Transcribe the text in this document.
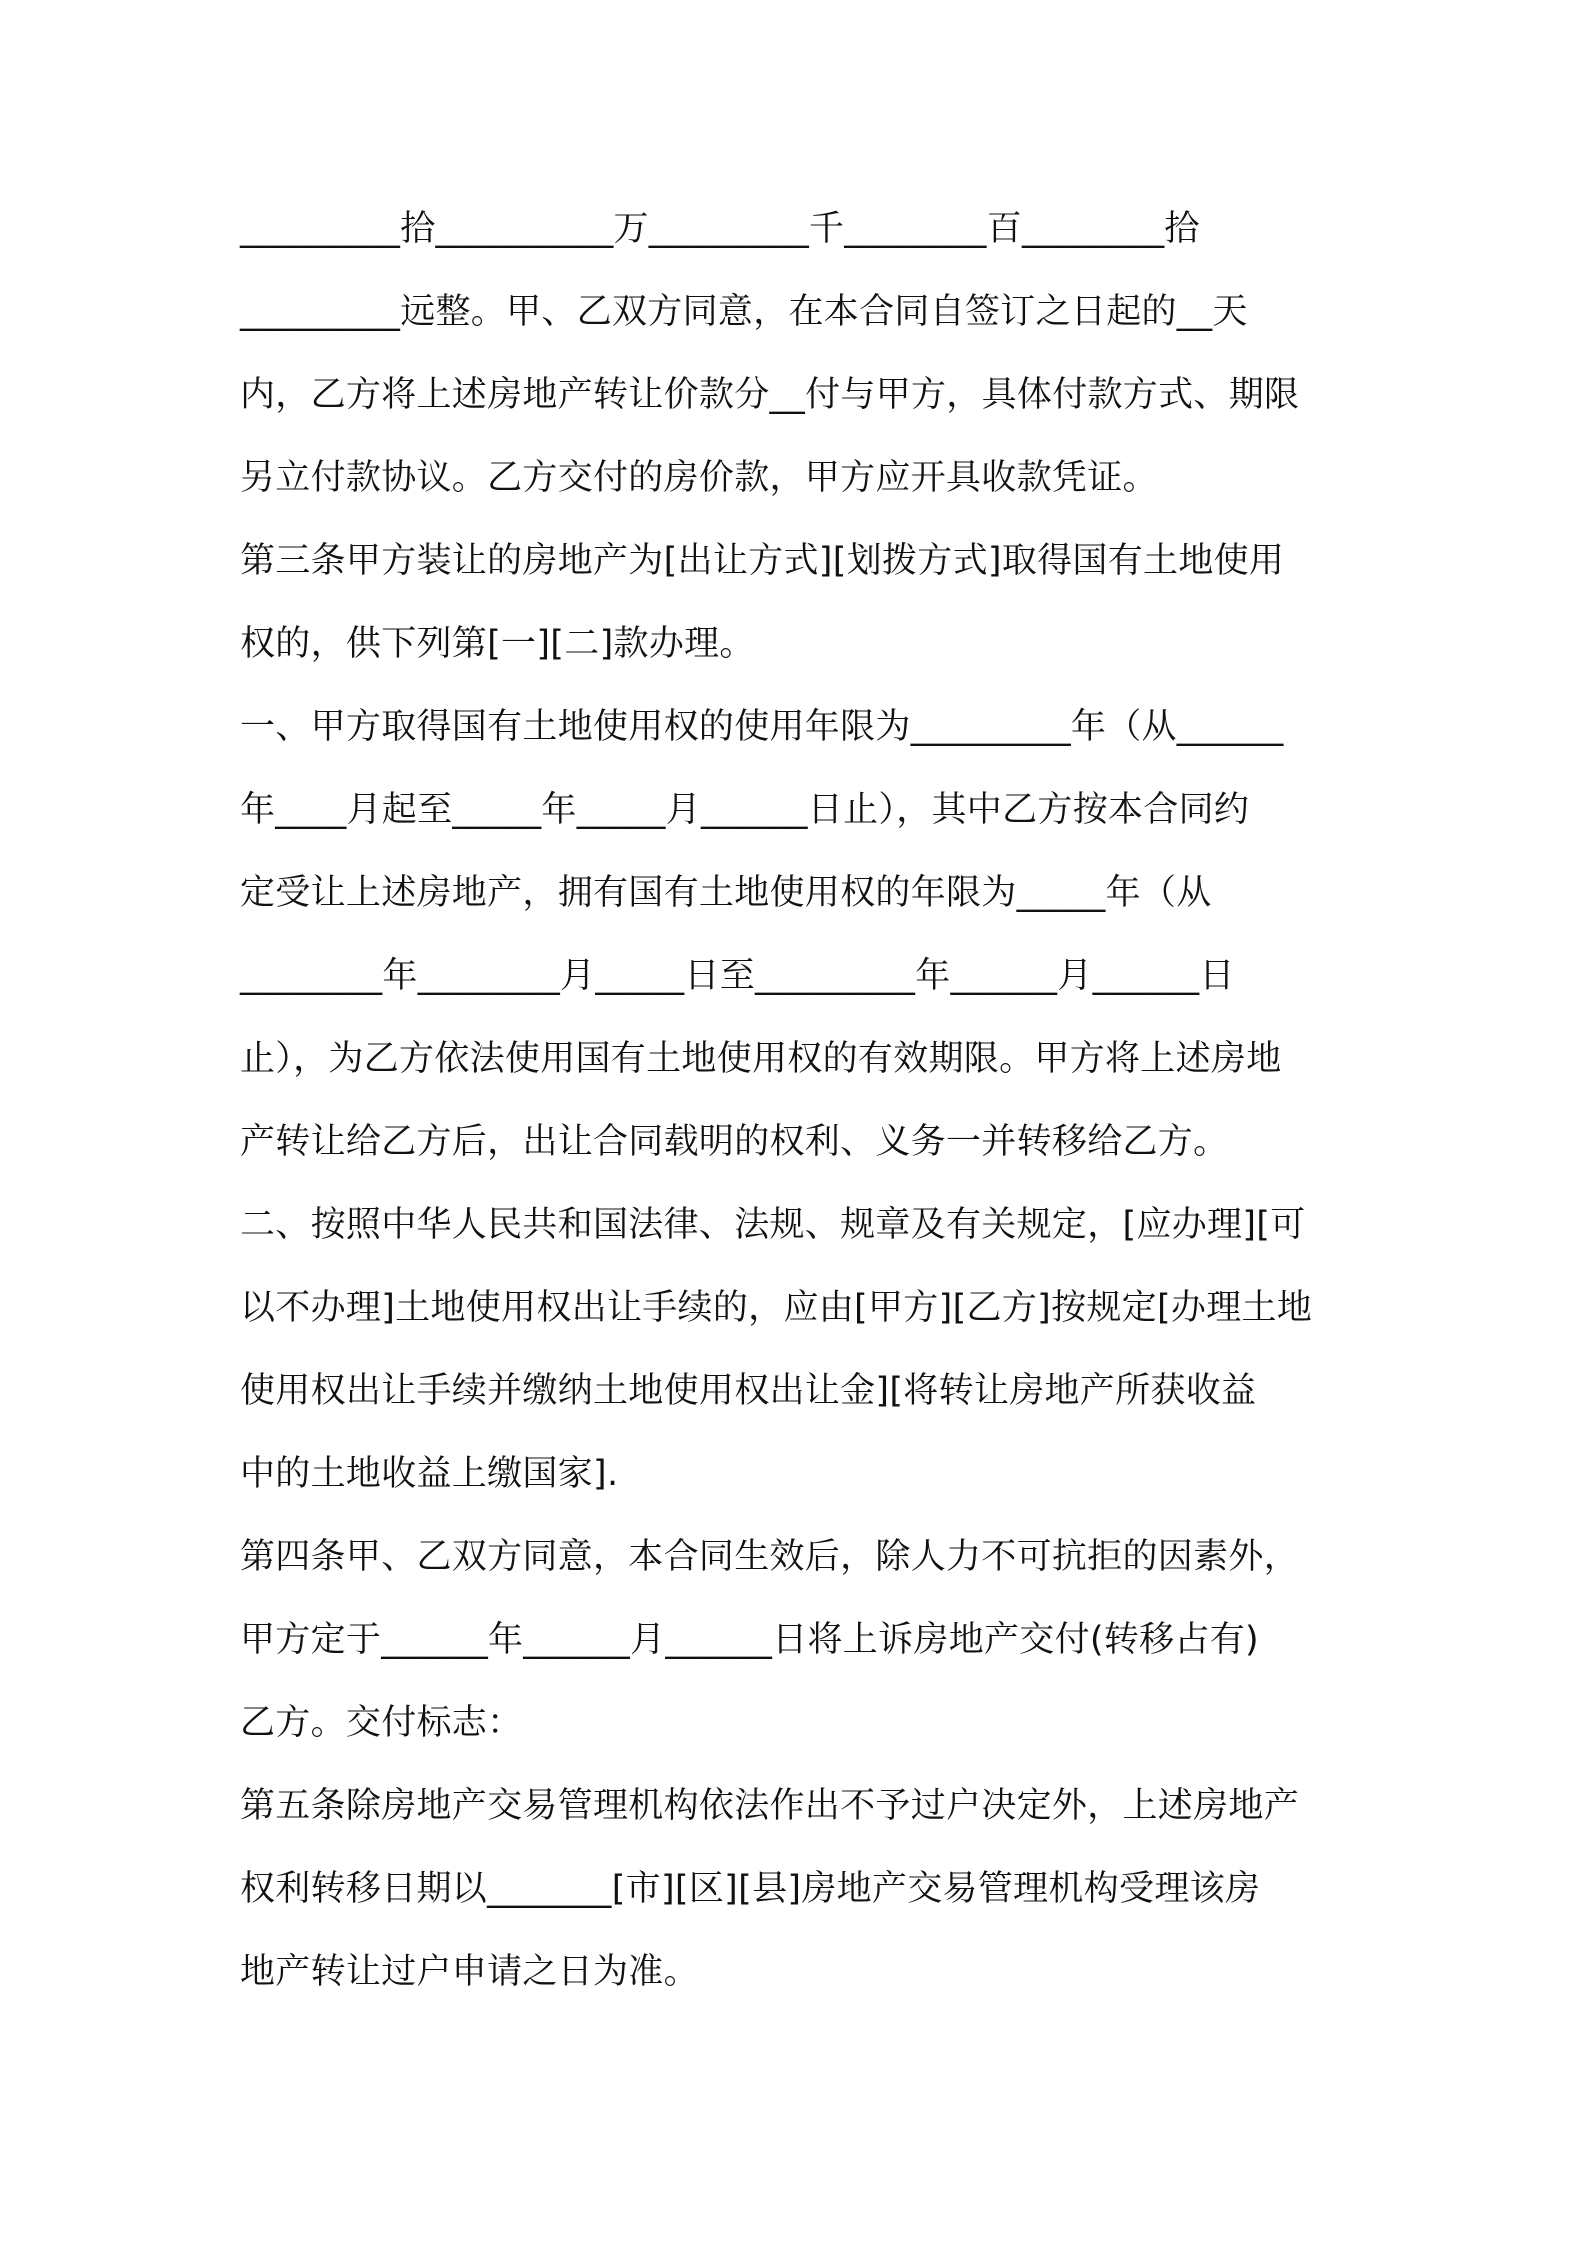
_________拾__________万_________千________百________拾
_________远整。甲、乙双方同意，在本合同自签订之日起的__天
内，乙方将上述房地产转让价款分__付与甲方，具体付款方式、期限
另立付款协议。乙方交付的房价款，甲方应开具收款凭证。
第三条甲方装让的房地产为[出让方式][划拨方式]取得国有土地使用
权的，供下列第[一][二]款办理。
一、甲方取得国有土地使用权的使用年限为_________年（从______
年____月起至_____年_____月______日止），其中乙方按本合同约
定受让上述房地产，拥有国有土地使用权的年限为_____年（从
________年________月_____日至_________年______月______日
止），为乙方依法使用国有土地使用权的有效期限。甲方将上述房地
产转让给乙方后，出让合同载明的权利、义务一并转移给乙方。
二、按照中华人民共和国法律、法规、规章及有关规定，[应办理][可
以不办理]土地使用权出让手续的，应由[甲方][乙方]按规定[办理土地
使用权出让手续并缴纳土地使用权出让金][将转让房地产所获收益
中的土地收益上缴国家].
第四条甲、乙双方同意，本合同生效后，除人力不可抗拒的因素外，
甲方定于______年______月______日将上诉房地产交付(转移占有)
乙方。交付标志：
第五条除房地产交易管理机构依法作出不予过户决定外，上述房地产
权利转移日期以_______[市][区][县]房地产交易管理机构受理该房
地产转让过户申请之日为准。
